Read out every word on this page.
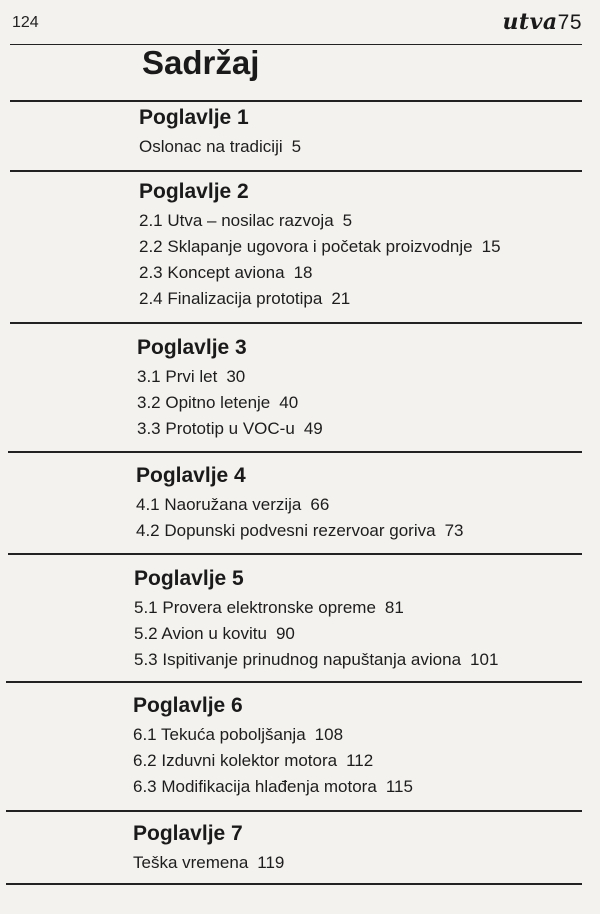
124	utva75
Sadržaj
Poglavlje 1
Oslonac na tradiciji 5
Poglavlje 2
2.1 Utva – nosilac razvoja 5
2.2 Sklapanje ugovora i početak proizvodnje 15
2.3 Koncept aviona 18
2.4 Finalizacija prototipa 21
Poglavlje 3
3.1 Prvi let 30
3.2 Opitno letenje 40
3.3 Prototip u VOC-u 49
Poglavlje 4
4.1 Naoružana verzija 66
4.2 Dopunski podvesni rezervoar goriva 73
Poglavlje 5
5.1 Provera elektronske opreme 81
5.2 Avion u kovitu 90
5.3 Ispitivanje prinudnog napuštanja aviona 101
Poglavlje 6
6.1 Tekuća poboljšanja 108
6.2 Izduvni kolektor motora 112
6.3 Modifikacija hlađenja motora 115
Poglavlje 7
Teška vremena 119
